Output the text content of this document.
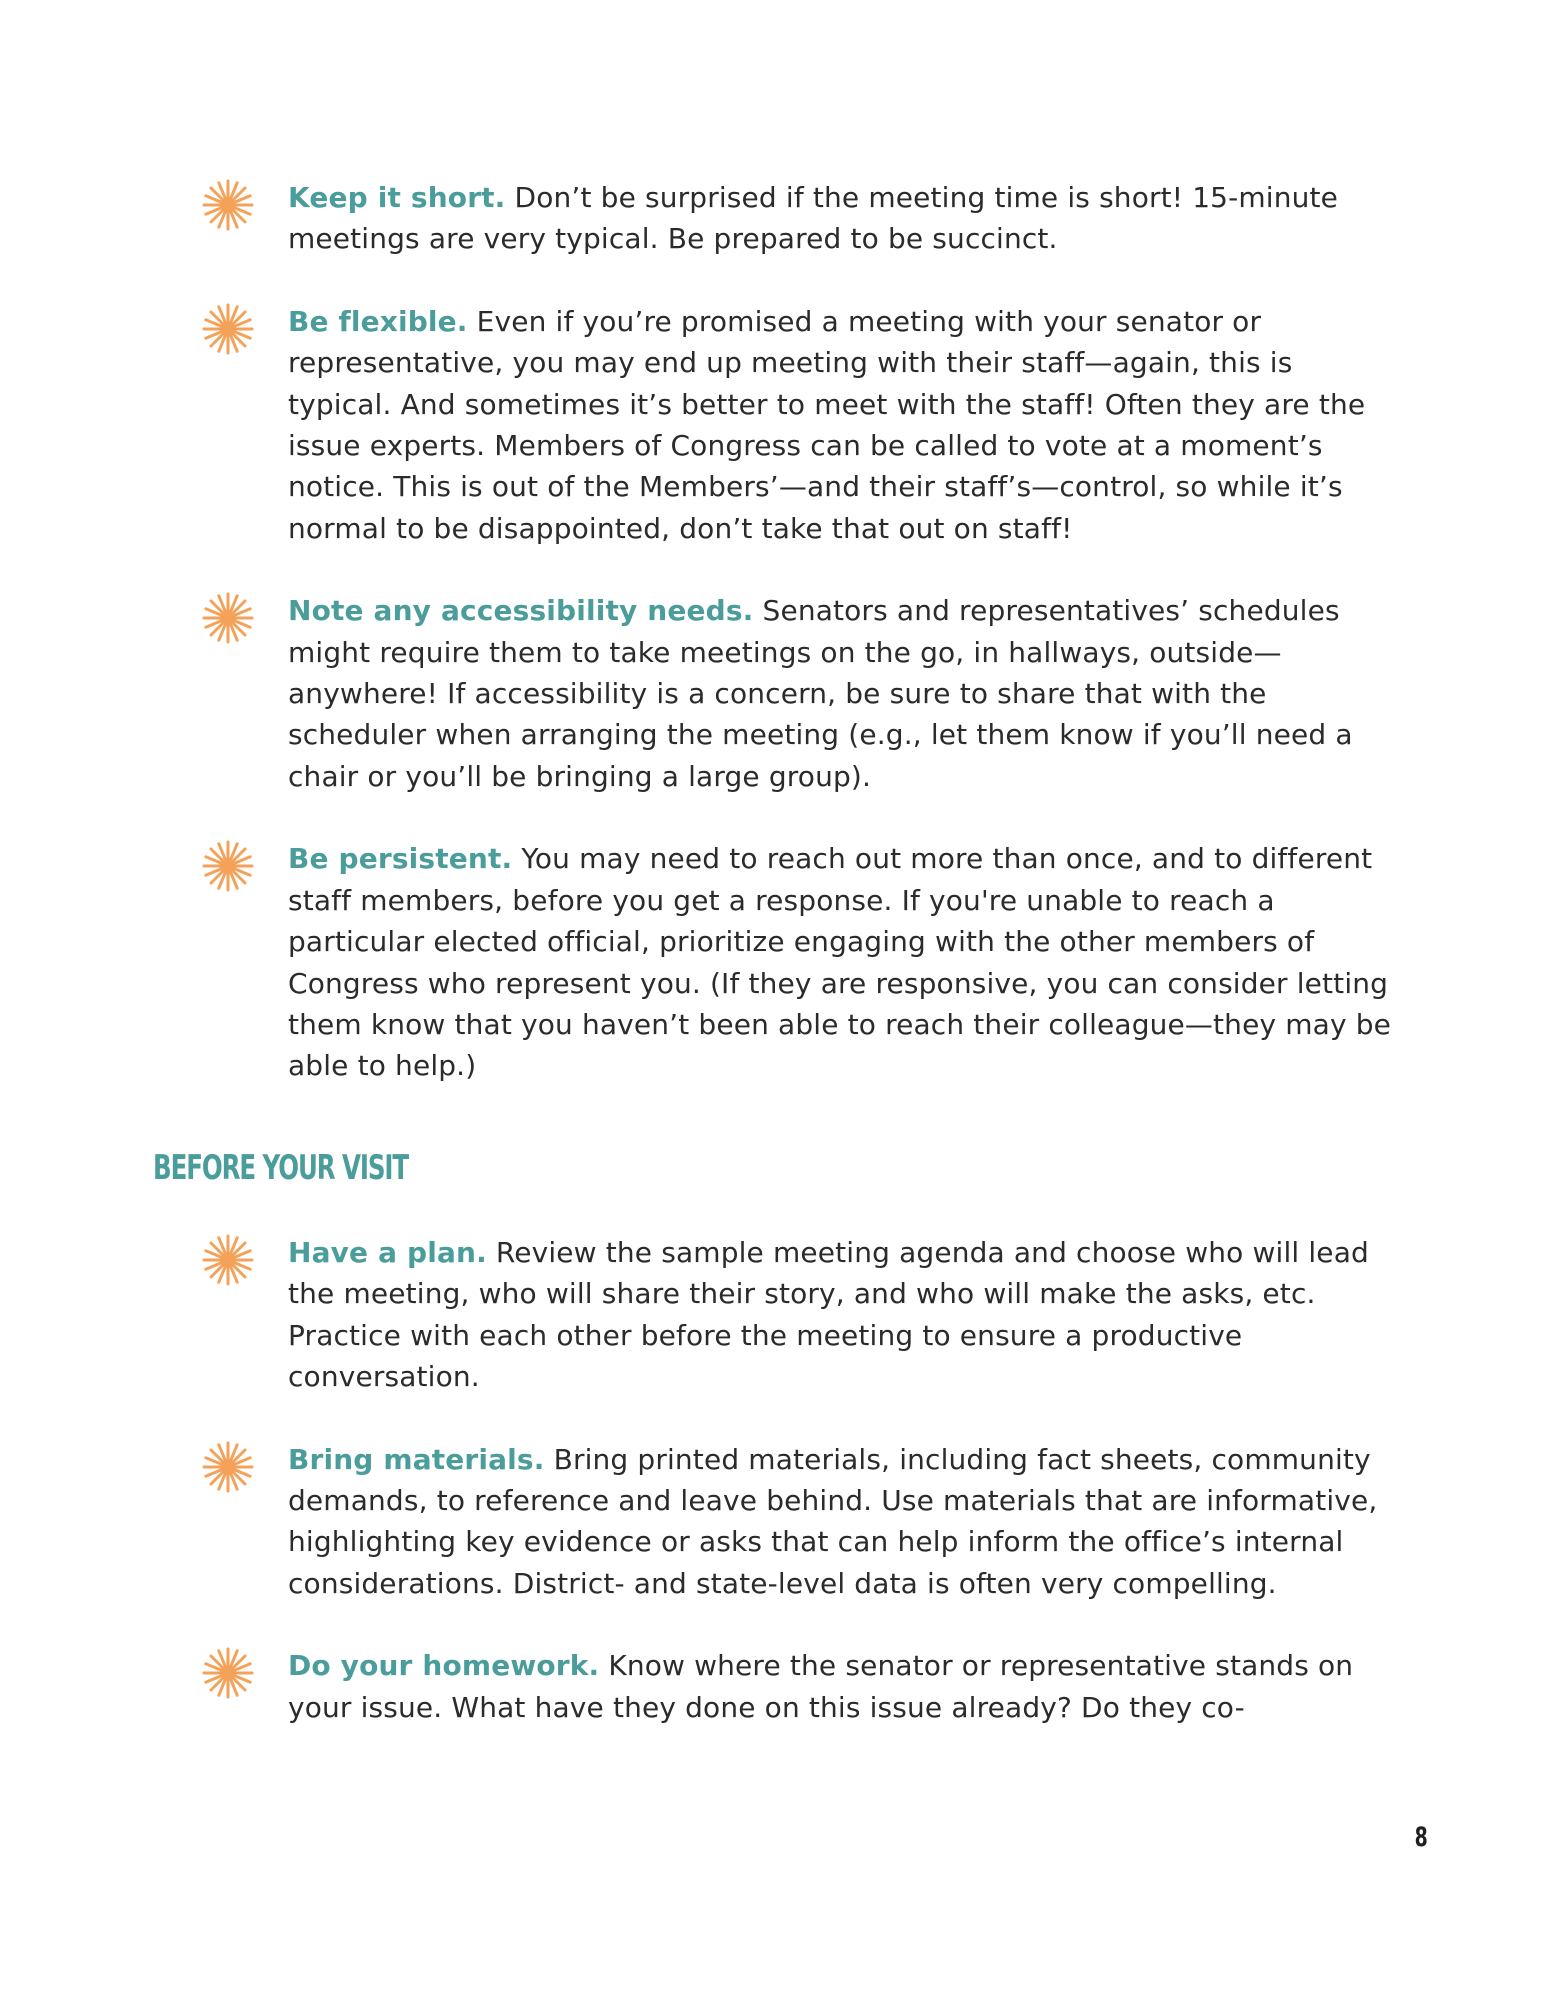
Keep it short. Don’t be surprised if the meeting time is short! 15-minute meetings are very typical. Be prepared to be succinct.

Be flexible. Even if you’re promised a meeting with your senator or representative, you may end up meeting with their staff—again, this is typical. And sometimes it’s better to meet with the staff! Often they are the issue experts. Members of Congress can be called to vote at a moment’s notice. This is out of the Members’—and their staff’s—control, so while it’s normal to be disappointed, don’t take that out on staff!

Note any accessibility needs. Senators and representatives’ schedules might require them to take meetings on the go, in hallways, outside—anywhere! If accessibility is a concern, be sure to share that with the scheduler when arranging the meeting (e.g., let them know if you’ll need a chair or you’ll be bringing a large group).

Be persistent. You may need to reach out more than once, and to different staff members, before you get a response. If you're unable to reach a particular elected official, prioritize engaging with the other members of Congress who represent you. (If they are responsive, you can consider letting them know that you haven’t been able to reach their colleague—they may be able to help.)

BEFORE YOUR VISIT

Have a plan. Review the sample meeting agenda and choose who will lead the meeting, who will share their story, and who will make the asks, etc. Practice with each other before the meeting to ensure a productive conversation.

Bring materials. Bring printed materials, including fact sheets, community demands, to reference and leave behind. Use materials that are informative, highlighting key evidence or asks that can help inform the office’s internal considerations. District- and state-level data is often very compelling.

Do your homework. Know where the senator or representative stands on your issue. What have they done on this issue already? Do they co-

8
